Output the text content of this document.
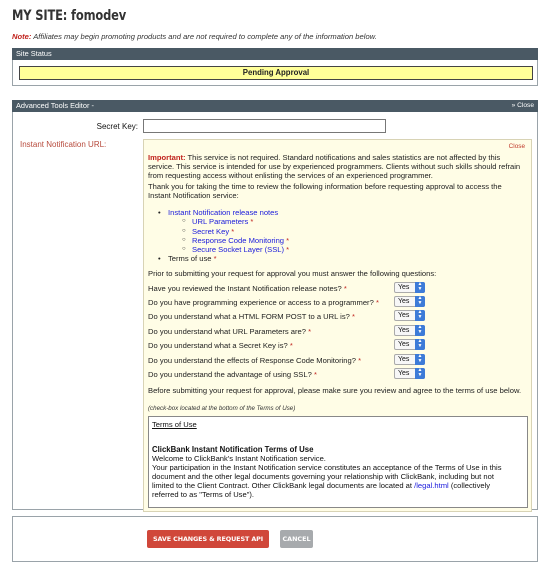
MY SITE: fomodev
Note: Affiliates may begin promoting products and are not required to complete any of the information below.
Site Status
Pending Approval
Advanced Tools Editor -	» Close
Secret Key:
Instant Notification URL:	Close
Important: This service is not required. Standard notifications and sales statistics are not affected by this service. This service is intended for use by experienced programmers. Clients without such skills should refrain from requesting access without enlisting the services of an experienced programmer.
Thank you for taking the time to review the following information before requesting approval to access the Instant Notification service:
• Instant Notification release notes
○ URL Parameters *
○ Secret Key *
○ Response Code Monitoring *
○ Secure Socket Layer (SSL) *
• Terms of use *
Prior to submitting your request for approval you must answer the following questions:
Have you reviewed the Instant Notification release notes? *	Yes	▲
▼
Do you have programming experience or access to a programmer? *	Yes	▲
▼
Do you understand what a HTML FORM POST to a URL is? *	Yes	▲
▼
Do you understand what URL Parameters are? *	Yes	▲
▼
Do you understand what a Secret Key is? *	Yes	▲
▼
Do you understand the effects of Response Code Monitoring? *	Yes	▲
▼
Do you understand the advantage of using SSL? *	Yes	▲
▼
Before submitting your request for approval, please make sure you review and agree to the terms of use below.
(check-box located at the bottom of the Terms of Use)
Terms of Use
ClickBank Instant Notification Terms of Use
Welcome to ClickBank's Instant Notification service.
Your participation in the Instant Notification service constitutes an acceptance of the Terms of Use in this
document and the other legal documents governing your relationship with ClickBank, including but not
limited to the Client Contract. Other ClickBank legal documents are located at /legal.html (collectively
referred to as "Terms of Use").
SAVE CHANGES & REQUEST API ACCESS
CANCEL
